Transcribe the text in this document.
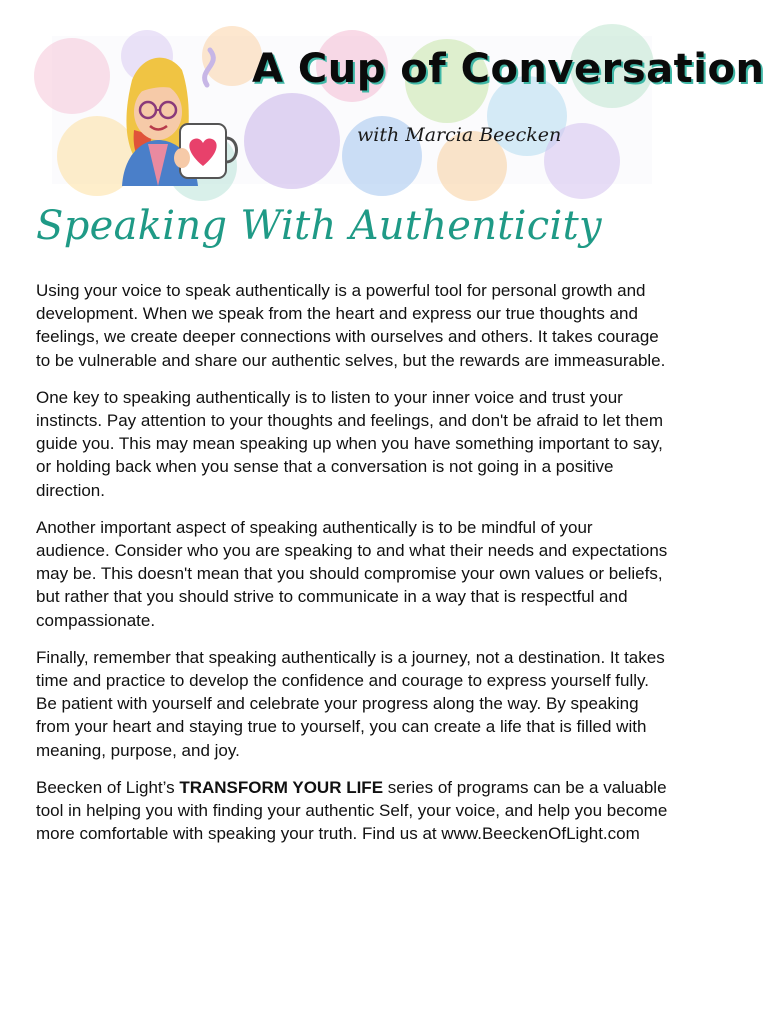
A Cup of Conversation
with Marcia Beecken
Speaking With Authenticity

Using your voice to speak authentically is a powerful tool for personal growth and development. When we speak from the heart and express our true thoughts and feelings, we create deeper connections with ourselves and others. It takes courage to be vulnerable and share our authentic selves, but the rewards are immeasurable.

One key to speaking authentically is to listen to your inner voice and trust your instincts. Pay attention to your thoughts and feelings, and don't be afraid to let them guide you. This may mean speaking up when you have something important to say, or holding back when you sense that a conversation is not going in a positive direction.

Another important aspect of speaking authentically is to be mindful of your audience. Consider who you are speaking to and what their needs and expectations may be. This doesn't mean that you should compromise your own values or beliefs, but rather that you should strive to communicate in a way that is respectful and compassionate.

Finally, remember that speaking authentically is a journey, not a destination. It takes time and practice to develop the confidence and courage to express yourself fully. Be patient with yourself and celebrate your progress along the way. By speaking from your heart and staying true to yourself, you can create a life that is filled with meaning, purpose, and joy.

Beecken of Light’s TRANSFORM YOUR LIFE series of programs can be a valuable tool in helping you with finding your authentic Self, your voice, and help you become more comfortable with speaking your truth. Find us at www.BeeckenOfLight.com
